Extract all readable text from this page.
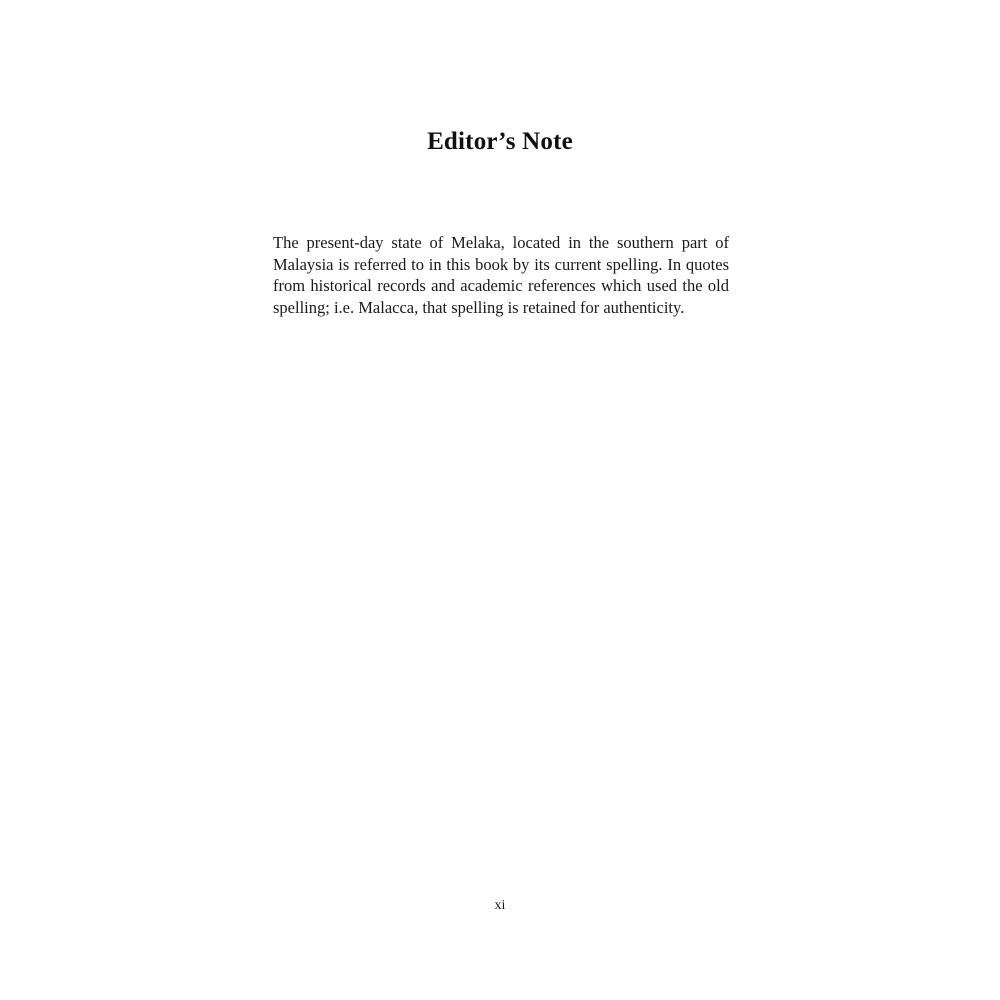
Editor’s Note
The present-day state of Melaka, located in the southern part of
Malaysia is referred to in this book by its current spelling. In quotes
from historical records and academic references which used the old
spelling; i.e. Malacca, that spelling is retained for authenticity.
xi
